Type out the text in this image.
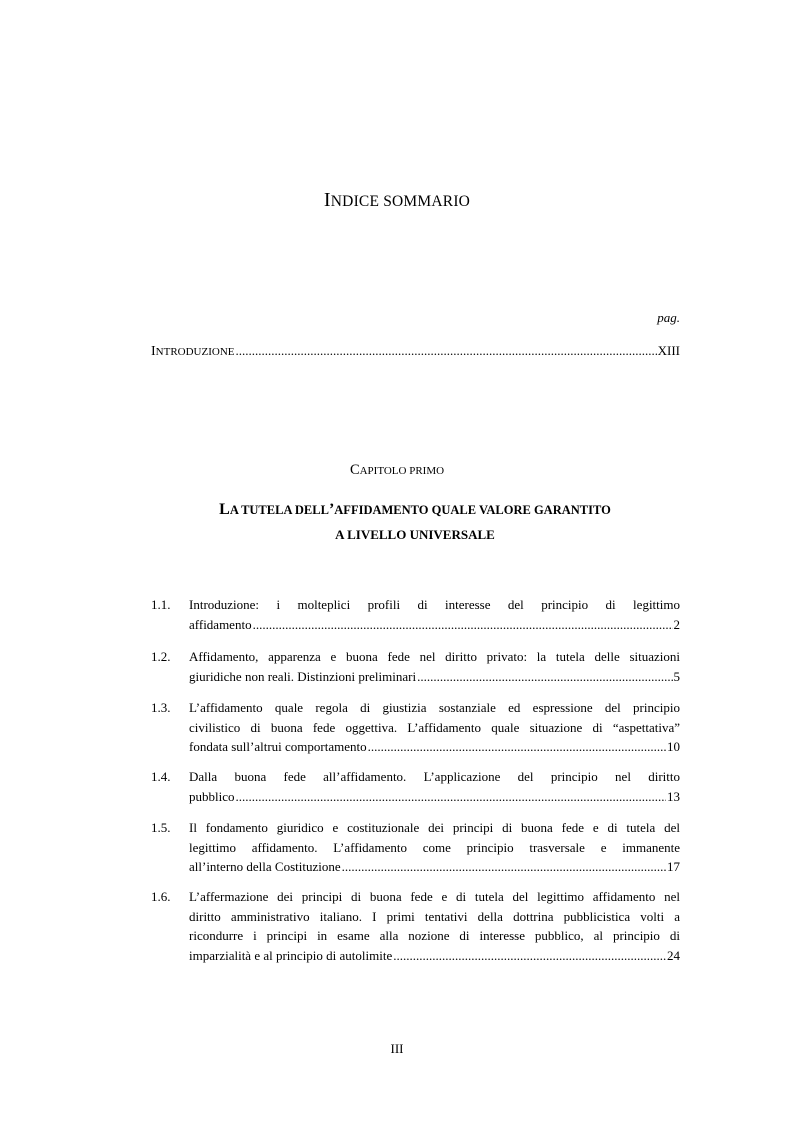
INDICE SOMMARIO
pag.
INTRODUZIONE .....	XIII
CAPITOLO PRIMO
LA TUTELA DELL’AFFIDAMENTO QUALE VALORE GARANTITO
A LIVELLO UNIVERSALE
1.1. Introduzione: i molteplici profili di interesse del principio di legittimo
affidamento .....	2
1.2. Affidamento, apparenza e buona fede nel diritto privato: la tutela delle situazioni
giuridiche non reali. Distinzioni preliminari .....	5
1.3. L’affidamento quale regola di giustizia sostanziale ed espressione del principio
civilistico di buona fede oggettiva. L’affidamento quale situazione di “aspettativa”
fondata sull’altrui comportamento .....	10
1.4. Dalla buona fede all’affidamento. L’applicazione del principio nel diritto
pubblico .....	13
1.5. Il fondamento giuridico e costituzionale dei principi di buona fede e di tutela del
legittimo affidamento. L’affidamento come principio trasversale e immanente
all’interno della Costituzione .....	17
1.6. L’affermazione dei principi di buona fede e di tutela del legittimo affidamento nel
diritto amministrativo italiano. I primi tentativi della dottrina pubblicistica volti a
ricondurre i principi in esame alla nozione di interesse pubblico, al principio di
imparzialità e al principio di autolimite .....	24
III
